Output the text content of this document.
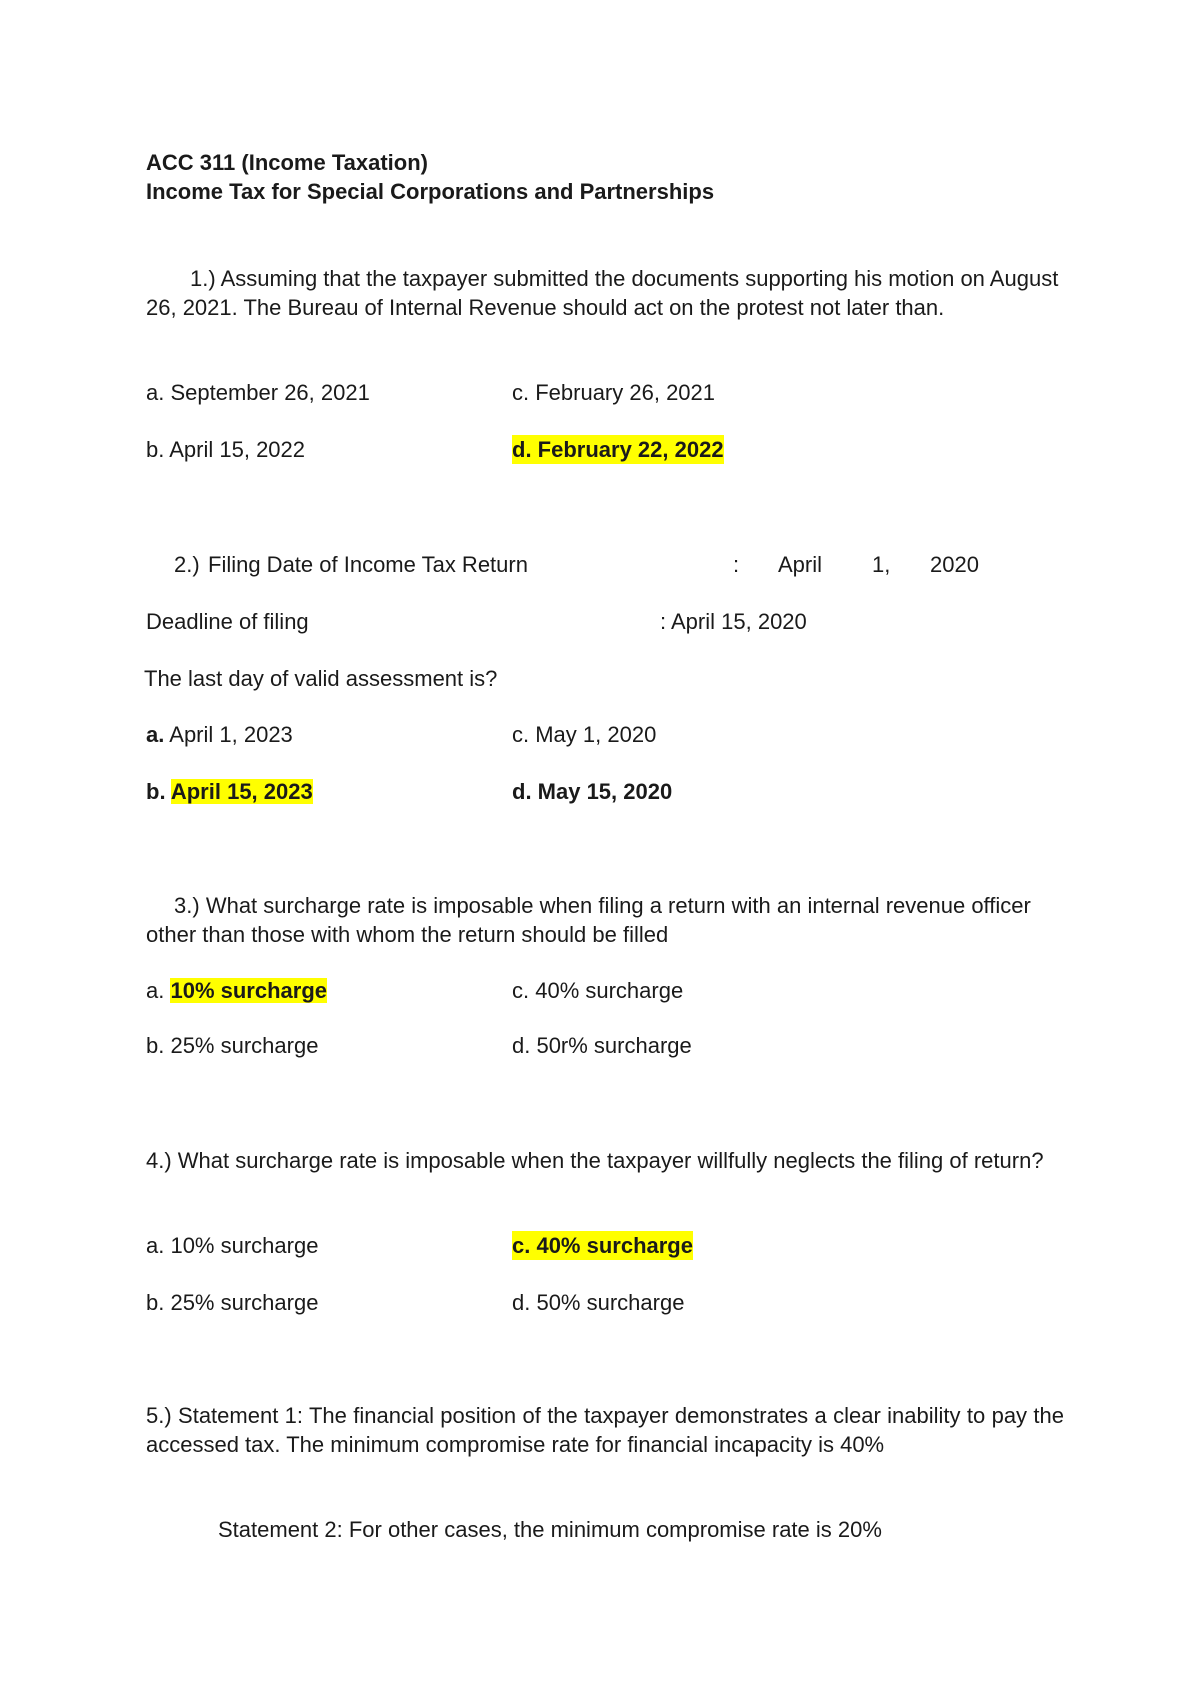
ACC 311 (Income Taxation)
Income Tax for Special Corporations and Partnerships
1.) Assuming that the taxpayer submitted the documents supporting his motion on August 26, 2021. The Bureau of Internal Revenue should act on the protest not later than.
a. September 26, 2021	c. February 26, 2021
b. April 15, 2022	d. February 22, 2022
2.) Filing Date of Income Tax Return	: April 1, 2020
Deadline of filing	: April 15, 2020
The last day of valid assessment is?
a. April 1, 2023	c. May 1, 2020
b. April 15, 2023	d. May 15, 2020
3.) What surcharge rate is imposable when filing a return with an internal revenue officer other than those with whom the return should be filled
a. 10% surcharge	c. 40% surcharge
b. 25% surcharge	d. 50r% surcharge
4.) What surcharge rate is imposable when the taxpayer willfully neglects the filing of return?
a. 10% surcharge	c. 40% surcharge
b. 25% surcharge	d. 50% surcharge
5.) Statement 1: The financial position of the taxpayer demonstrates a clear inability to pay the accessed tax. The minimum compromise rate for financial incapacity is 40%
Statement 2: For other cases, the minimum compromise rate is 20%
